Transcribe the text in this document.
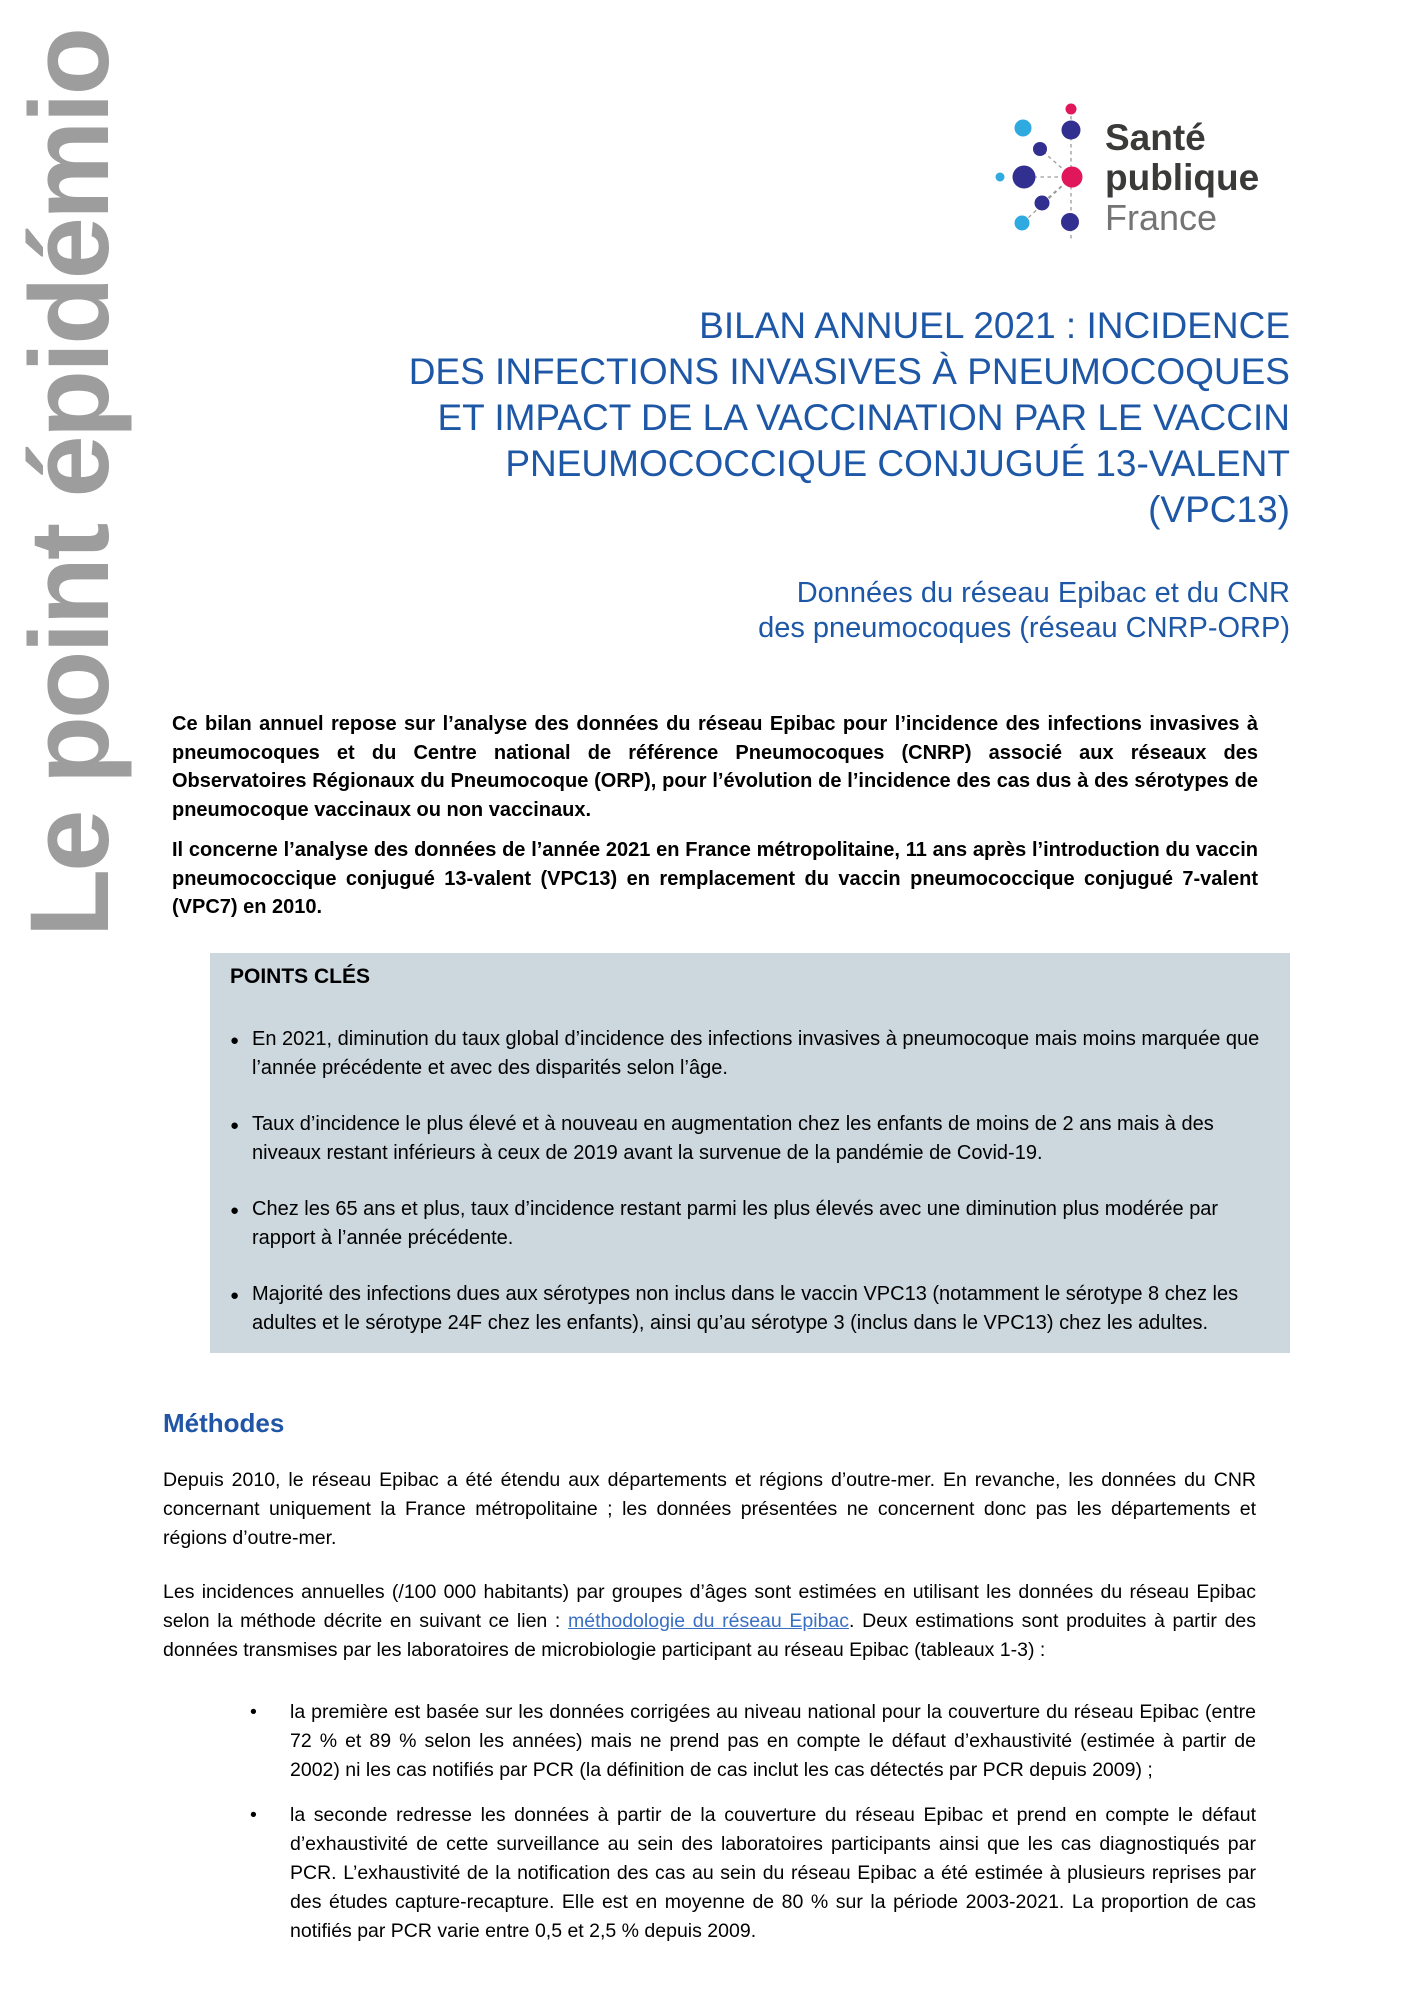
Le point épidémio	Santé
publique
France
BILAN ANNUEL 2021 : INCIDENCE
DES INFECTIONS INVASIVES À PNEUMOCOQUES
ET IMPACT DE LA VACCINATION PAR LE VACCIN
PNEUMOCOCCIQUE CONJUGUÉ 13-VALENT
(VPC13)
Données du réseau Epibac et du CNR
des pneumocoques (réseau CNRP-ORP)

Ce bilan annuel repose sur l’analyse des données du réseau Epibac pour l’incidence des infections invasives à pneumocoques et du Centre national de référence Pneumocoques (CNRP) associé aux réseaux des Observatoires Régionaux du Pneumocoque (ORP), pour l’évolution de l’incidence des cas dus à des sérotypes de pneumocoque vaccinaux ou non vaccinaux.

Il concerne l’analyse des données de l’année 2021 en France métropolitaine, 11 ans après l’introduction du vaccin pneumococcique conjugué 13-valent (VPC13) en remplacement du vaccin pneumococcique conjugué 7-valent (VPC7) en 2010.

POINTS CLÉS

● En 2021, diminution du taux global d’incidence des infections invasives à pneumocoque mais moins marquée que l’année précédente et avec des disparités selon l’âge.
● Taux d’incidence le plus élevé et à nouveau en augmentation chez les enfants de moins de 2 ans mais à des niveaux restant inférieurs à ceux de 2019 avant la survenue de la pandémie de Covid-19.
● Chez les 65 ans et plus, taux d’incidence restant parmi les plus élevés avec une diminution plus modérée par rapport à l’année précédente.
● Majorité des infections dues aux sérotypes non inclus dans le vaccin VPC13 (notamment le sérotype 8 chez les adultes et le sérotype 24F chez les enfants), ainsi qu’au sérotype 3 (inclus dans le VPC13) chez les adultes.
Méthodes

Depuis 2010, le réseau Epibac a été étendu aux départements et régions d’outre-mer. En revanche, les données du CNR concernant uniquement la France métropolitaine ; les données présentées ne concernent donc pas les départements et régions d’outre-mer.

Les incidences annuelles (/100 000 habitants) par groupes d’âges sont estimées en utilisant les données du réseau Epibac selon la méthode décrite en suivant ce lien : méthodologie du réseau Epibac. Deux estimations sont produites à partir des données transmises par les laboratoires de microbiologie participant au réseau Epibac (tableaux 1-3) :

• la première est basée sur les données corrigées au niveau national pour la couverture du réseau Epibac (entre 72 % et 89 % selon les années) mais ne prend pas en compte le défaut d’exhaustivité (estimée à partir de 2002) ni les cas notifiés par PCR (la définition de cas inclut les cas détectés par PCR depuis 2009) ;
• la seconde redresse les données à partir de la couverture du réseau Epibac et prend en compte le défaut d’exhaustivité de cette surveillance au sein des laboratoires participants ainsi que les cas diagnostiqués par PCR. L’exhaustivité de la notification des cas au sein du réseau Epibac a été estimée à plusieurs reprises par des études capture-recapture. Elle est en moyenne de 80 % sur la période 2003-2021. La proportion de cas notifiés par PCR varie entre 0,5 et 2,5 % depuis 2009.
